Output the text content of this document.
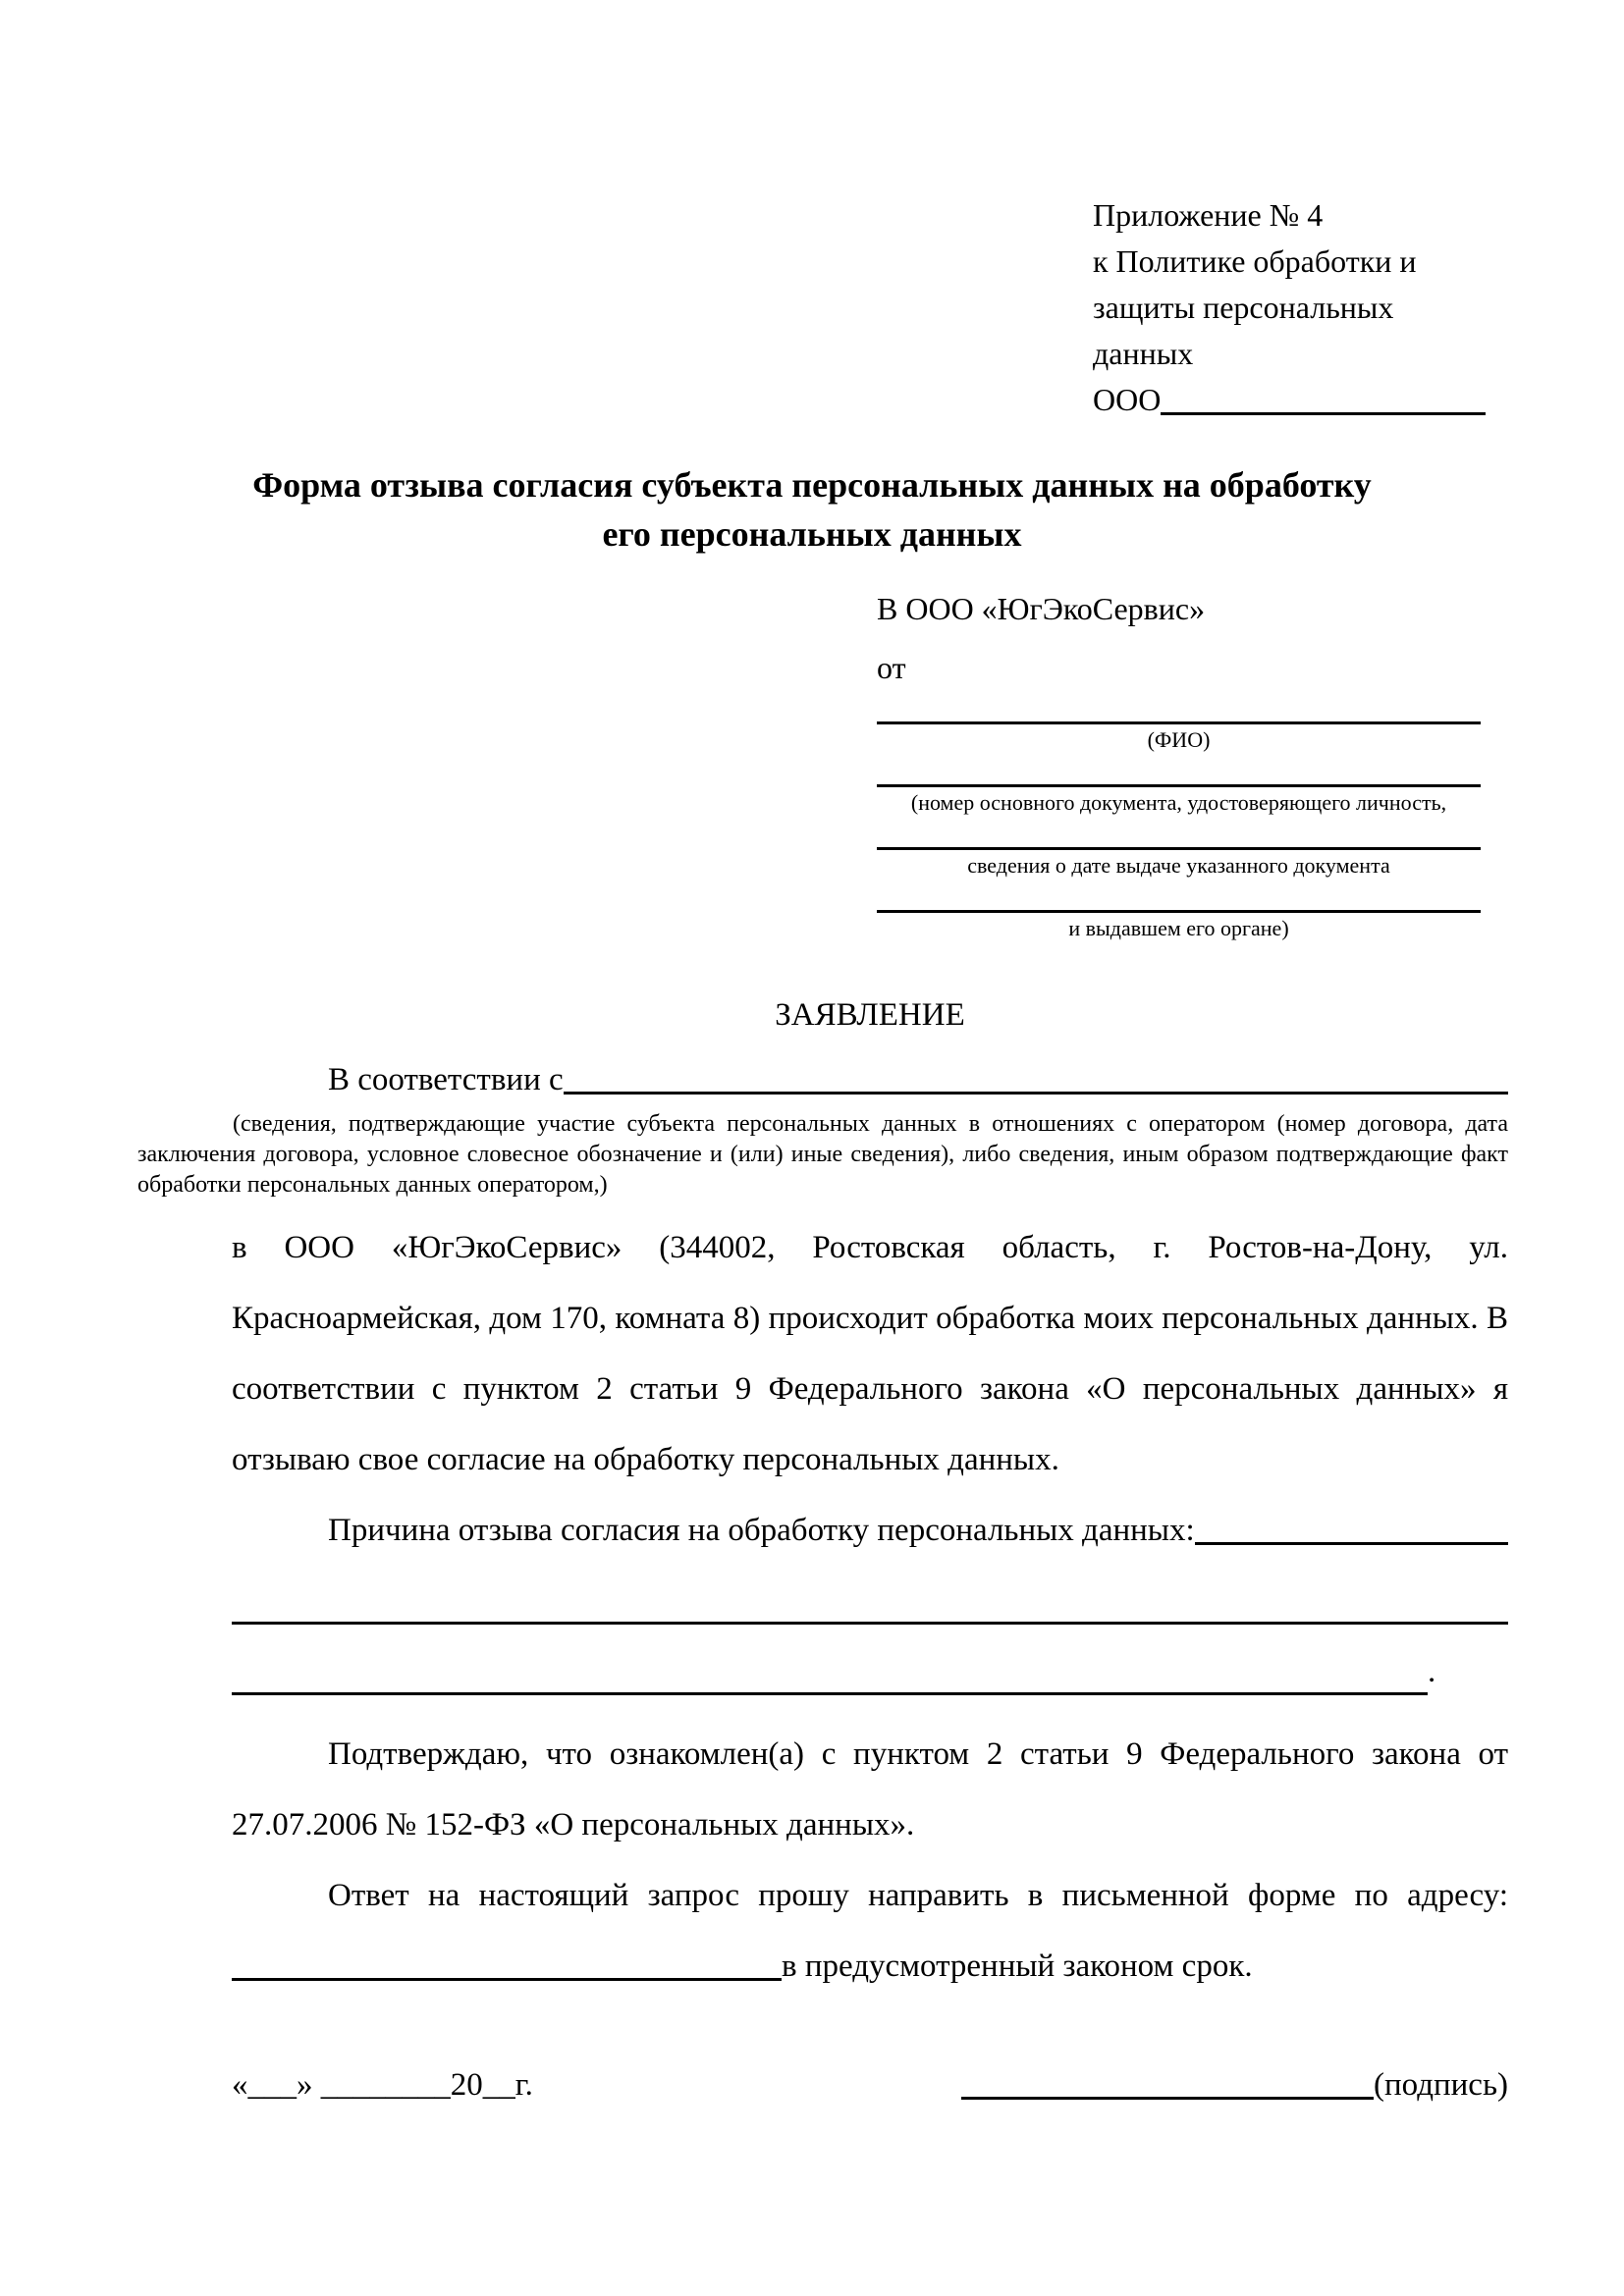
Приложение № 4
к Политике обработки и
защиты персональных данных
ООО
Форма отзыва согласия субъекта персональных данных на обработку
его персональных данных
В ООО «ЮгЭкоСервис»
от
(ФИО)
(номер основного документа, удостоверяющего личность,
сведения о дате выдаче указанного документа
и выдавшем его органе)
ЗАЯВЛЕНИЕ
В соответствии с
(сведения, подтверждающие участие субъекта персональных данных в отношениях с оператором (номер договора, дата заключения договора, условное словесное обозначение и (или) иные сведения), либо сведения, иным образом подтверждающие факт обработки персональных данных оператором,)
в ООО «ЮгЭкоСервис» (344002, Ростовская область, г. Ростов-на-Дону, ул. Красноармейская, дом 170, комната 8) происходит обработка моих персональных данных. В соответствии с пунктом 2 статьи 9 Федерального закона «О персональных данных» я отзываю свое согласие на обработку персональных данных.
Причина отзыва согласия на обработку персональных данных:
.
Подтверждаю, что ознакомлен(а) с пунктом 2 статьи 9 Федерального закона от 27.07.2006 № 152-ФЗ «О персональных данных».
Ответ на настоящий запрос прошу направить в письменной форме по адресу: в предусмотренный законом срок.
«___» ________20__г.	(подпись)
